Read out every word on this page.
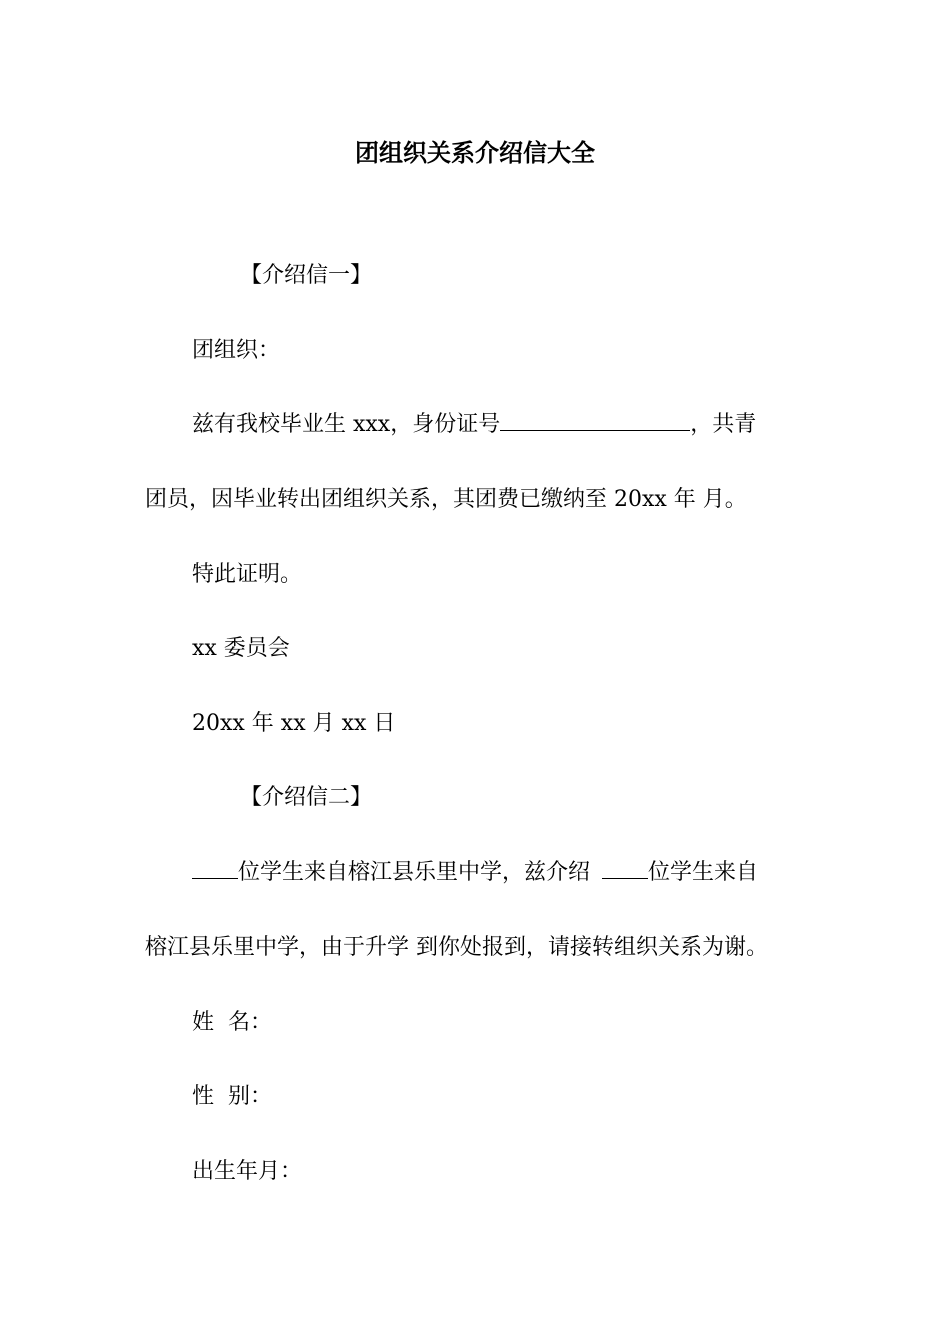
团组织关系介绍信大全
【介绍信一】
团组织：
兹有我校毕业生 xxx，身份证号	，共青
团员，因毕业转出团组织关系，其团费已缴纳至 20xx 年 月。
特此证明。
xx 委员会
20xx 年 xx 月 xx 日
【介绍信二】
位学生来自榕江县乐里中学，兹介绍	位学生来自
榕江县乐里中学，由于升学 到你处报到，请接转组织关系为谢。
姓  名：
性  别：
出生年月：
